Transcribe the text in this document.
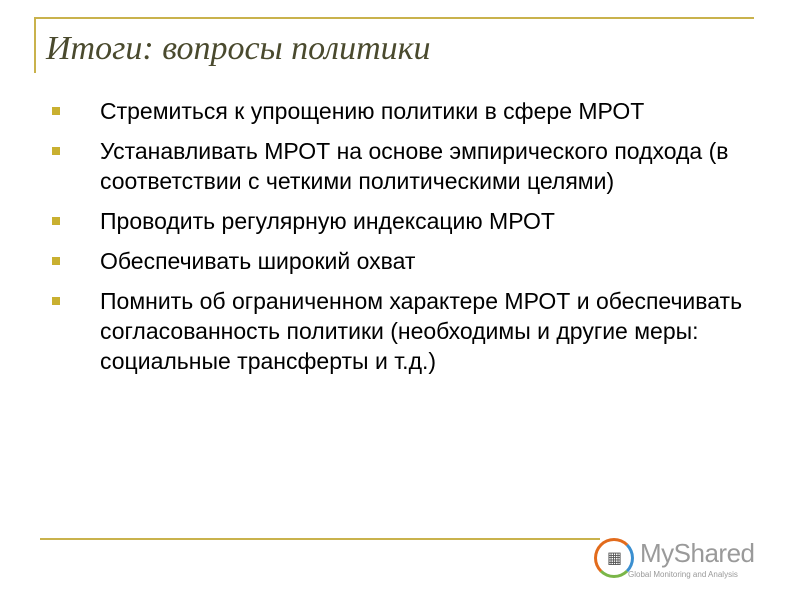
Итоги: вопросы политики
Стремиться к упрощению политики в сфере МРОТ
Устанавливать МРОТ на основе эмпирического подхода (в соответствии с четкими политическими целями)
Проводить регулярную индексацию МРОТ
Обеспечивать широкий охват
Помнить об ограниченном характере МРОТ и обеспечивать согласованность политики (необходимы и другие меры: социальные трансферты и т.д.)
▦ MyShared
Global Monitoring and Analysis
